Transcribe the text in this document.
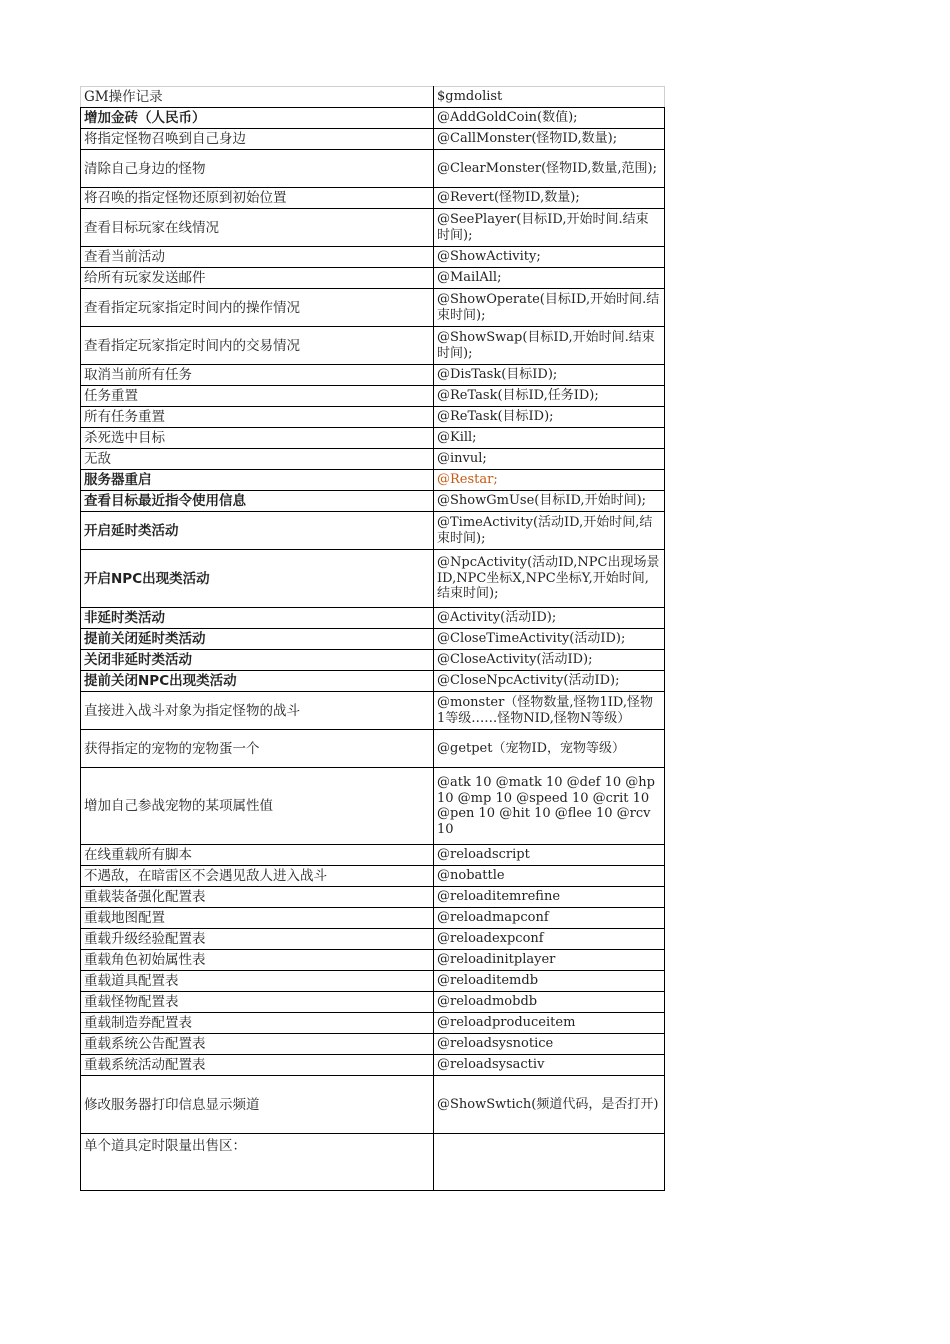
GM操作记录	$gmdolist
增加金砖（人民币）	@AddGoldCoin(数值);
将指定怪物召唤到自己身边	@CallMonster(怪物ID,数量);
清除自己身边的怪物	@ClearMonster(怪物ID,数量,范围);
将召唤的指定怪物还原到初始位置	@Revert(怪物ID,数量);
查看目标玩家在线情况	@SeePlayer(目标ID,开始时间.结束时间);
查看当前活动	@ShowActivity;
给所有玩家发送邮件	@MailAll;
查看指定玩家指定时间内的操作情况	@ShowOperate(目标ID,开始时间.结束时间);
查看指定玩家指定时间内的交易情况	@ShowSwap(目标ID,开始时间.结束时间);
取消当前所有任务	@DisTask(目标ID);
任务重置	@ReTask(目标ID,任务ID);
所有任务重置	@ReTask(目标ID);
杀死选中目标	@Kill;
无敌	@invul;
服务器重启	@Restar;
查看目标最近指令使用信息	@ShowGmUse(目标ID,开始时间);
开启延时类活动	@TimeActivity(活动ID,开始时间,结束时间);
开启NPC出现类活动	@NpcActivity(活动ID,NPC出现场景ID,NPC坐标X,NPC坐标Y,开始时间,结束时间);
非延时类活动	@Activity(活动ID);
提前关闭延时类活动	@CloseTimeActivity(活动ID);
关闭非延时类活动	@CloseActivity(活动ID);
提前关闭NPC出现类活动	@CloseNpcActivity(活动ID);
直接进入战斗对象为指定怪物的战斗	@monster（怪物数量,怪物1ID,怪物1等级……怪物NID,怪物N等级）
获得指定的宠物的宠物蛋一个	@getpet（宠物ID，宠物等级）
增加自己参战宠物的某项属性值	@atk 10 @matk 10 @def 10 @hp 10 @mp 10 @speed 10 @crit 10 @pen 10 @hit 10 @flee 10 @rcv 10
在线重载所有脚本	@reloadscript
不遇敌，在暗雷区不会遇见敌人进入战斗	@nobattle
重载装备强化配置表	@reloaditemrefine
重载地图配置	@reloadmapconf
重载升级经验配置表	@reloadexpconf
重载角色初始属性表	@reloadinitplayer
重载道具配置表	@reloaditemdb
重载怪物配置表	@reloadmobdb
重载制造券配置表	@reloadproduceitem
重载系统公告配置表	@reloadsysnotice
重载系统活动配置表	@reloadsysactiv
修改服务器打印信息显示频道	@ShowSwtich(频道代码，是否打开)
单个道具定时限量出售区：	
